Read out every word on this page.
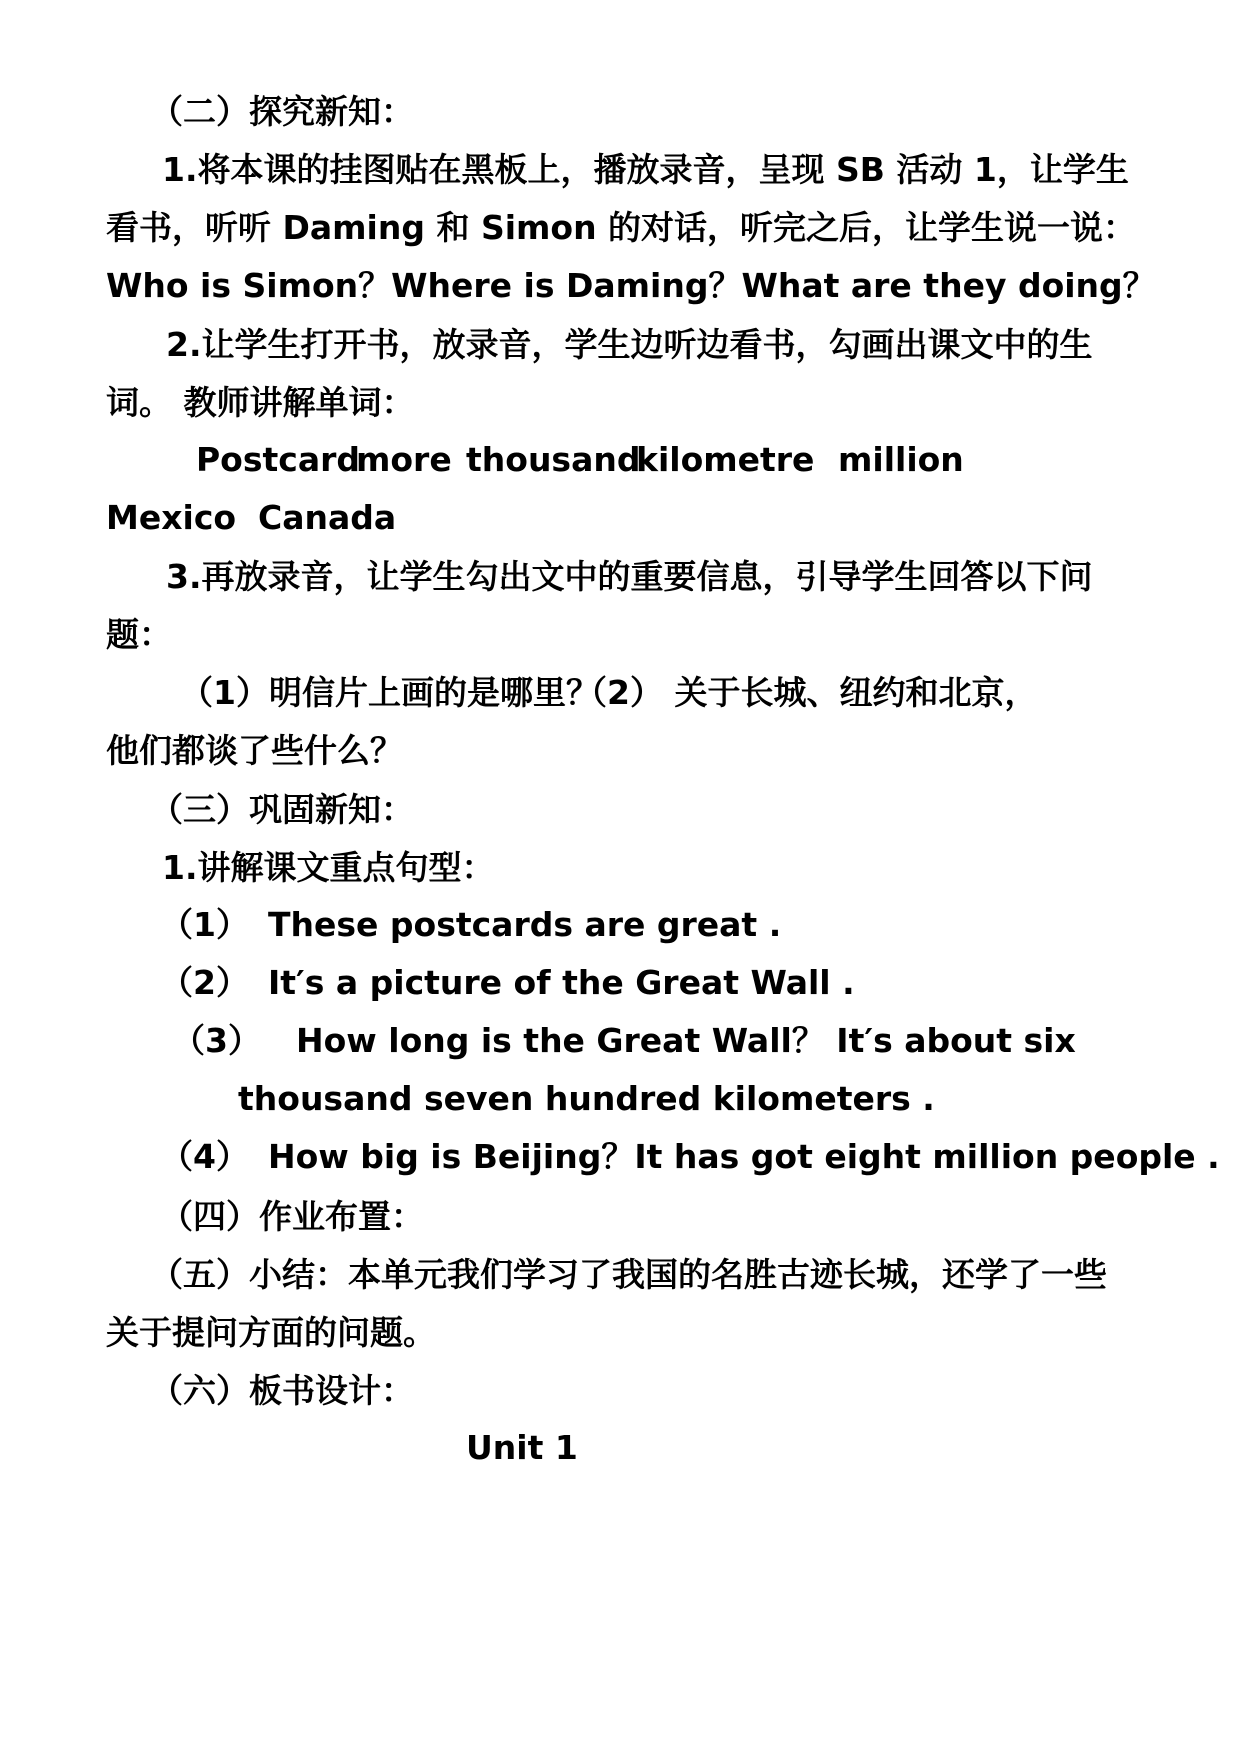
（二）探究新知：

1.将本课的挂图贴在黑板上，播放录音，呈现 SB 活动 1，让学生

看书，听听 Daming 和 Simon 的对话，听完之后，让学生说一说：

Who is Simon？Where is Daming？What are they doing？

2.让学生打开书，放录音，学生边听边看书，勾画出课文中的生

词。 教师讲解单词：

Postcard

more thousand

kilometre million

Mexico Canada

3.再放录音，让学生勾出文中的重要信息，引导学生回答以下问

题：

（1）明信片上画的是哪里？

（2） 关于长城、纽约和北京，

他们都谈了些什么？

（三）巩固新知：

1.讲解课文重点句型：

（1） These postcards are great .

（2） It′s a picture of the Great Wall .

（3） How long is the Great Wall？ It′s about six

thousand seven hundred kilometers .

（4） How big is Beijing？It has got eight million people .

（四）作业布置：

（五）小结：本单元我们学习了我国的名胜古迹长城，还学了一些

关于提问方面的问题。

（六）板书设计：

Unit 1
